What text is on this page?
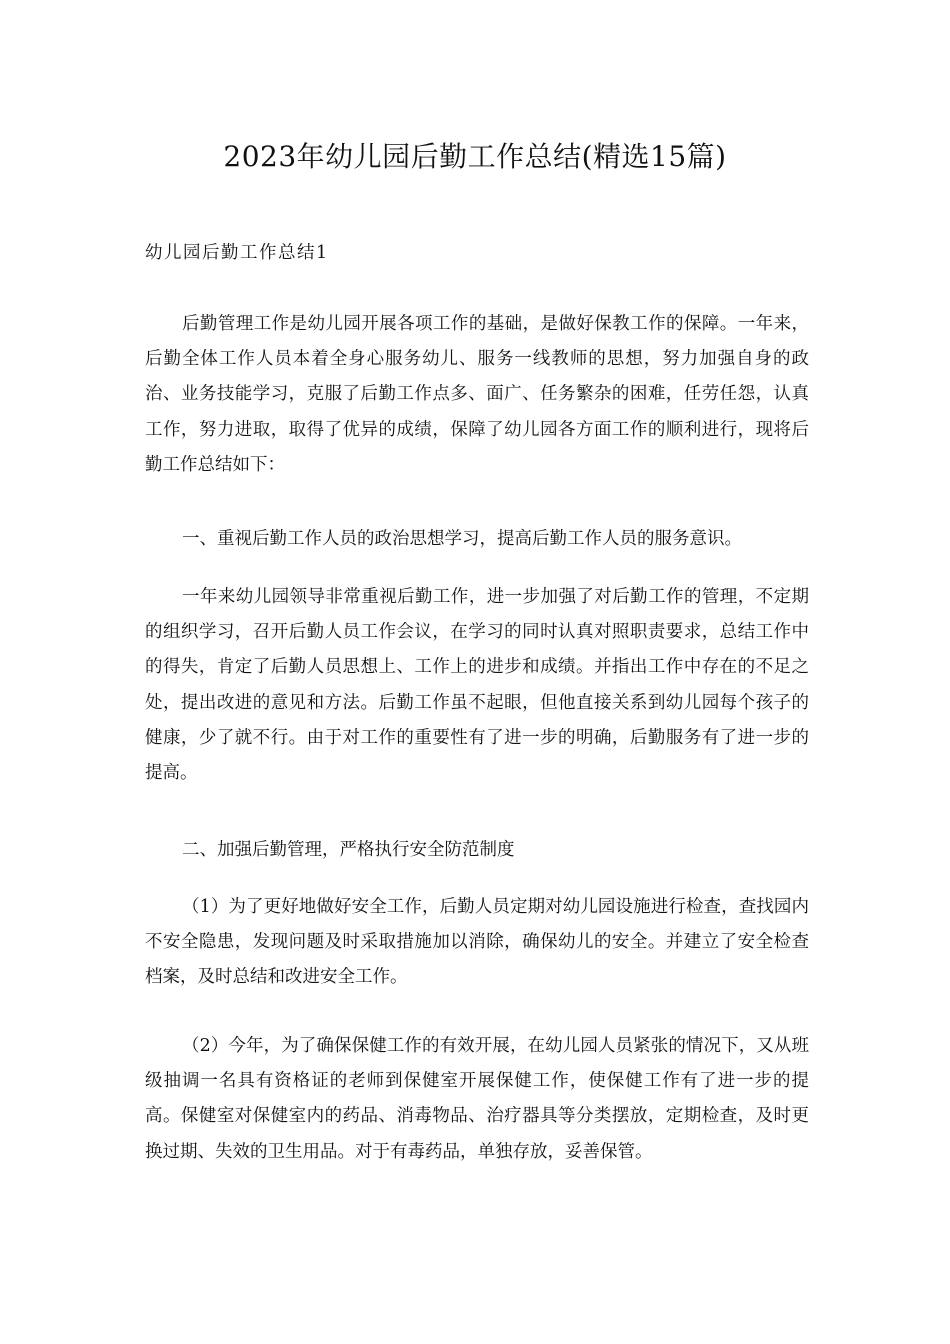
2023年幼儿园后勤工作总结(精选15篇)
幼儿园后勤工作总结1

后勤管理工作是幼儿园开展各项工作的基础，是做好保教工作的保障。一年来，后勤全体工作人员本着全身心服务幼儿、服务一线教师的思想，努力加强自身的政治、业务技能学习，克服了后勤工作点多、面广、任务繁杂的困难，任劳任怨，认真工作，努力进取，取得了优异的成绩，保障了幼儿园各方面工作的顺利进行，现将后勤工作总结如下：

一、重视后勤工作人员的政治思想学习，提高后勤工作人员的服务意识。

一年来幼儿园领导非常重视后勤工作，进一步加强了对后勤工作的管理，不定期的组织学习，召开后勤人员工作会议，在学习的同时认真对照职责要求，总结工作中的得失，肯定了后勤人员思想上、工作上的进步和成绩。并指出工作中存在的不足之处，提出改进的意见和方法。后勤工作虽不起眼，但他直接关系到幼儿园每个孩子的健康，少了就不行。由于对工作的重要性有了进一步的明确，后勤服务有了进一步的提高。

二、加强后勤管理，严格执行安全防范制度

（1）为了更好地做好安全工作，后勤人员定期对幼儿园设施进行检查，查找园内不安全隐患，发现问题及时采取措施加以消除，确保幼儿的安全。并建立了安全检查档案，及时总结和改进安全工作。

（2）今年，为了确保保健工作的有效开展，在幼儿园人员紧张的情况下，又从班级抽调一名具有资格证的老师到保健室开展保健工作，使保健工作有了进一步的提高。保健室对保健室内的药品、消毒物品、治疗器具等分类摆放，定期检查，及时更换过期、失效的卫生用品。对于有毒药品，单独存放，妥善保管。
